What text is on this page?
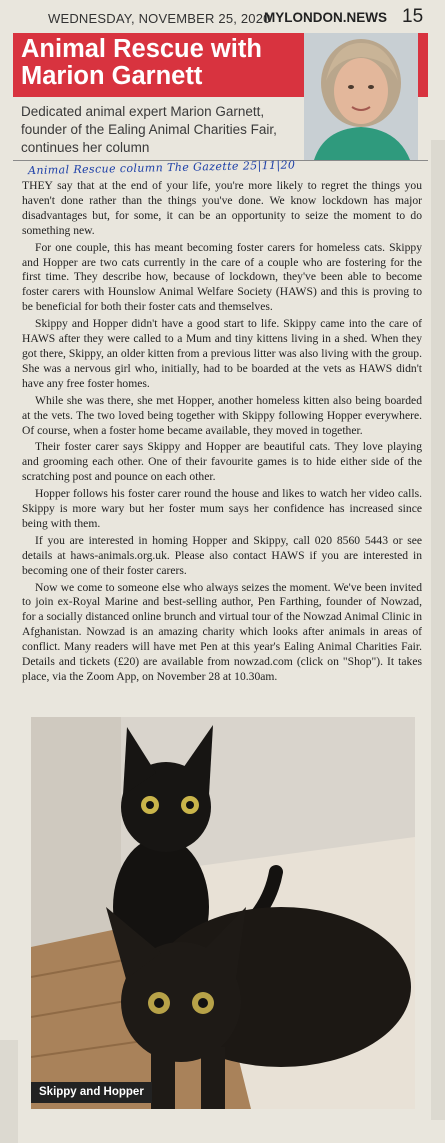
WEDNESDAY, NOVEMBER 25, 2020
MYLONDON.NEWS 15
Animal Rescue with Marion Garnett

Dedicated animal expert Marion Garnett, founder of the Ealing Animal Charities Fair, continues her column

Animal Rescue column The Gazette 25|11|20

THEY say that at the end of your life, you're more likely to regret the things you haven't done rather than the things you've done. We know lockdown has major disadvantages but, for some, it can be an opportunity to seize the moment to do something new.

For one couple, this has meant becoming foster carers for homeless cats. Skippy and Hopper are two cats currently in the care of a couple who are fostering for the first time. They describe how, because of lockdown, they've been able to become foster carers with Hounslow Animal Welfare Society (HAWS) and this is proving to be beneficial for both their foster cats and themselves.

Skippy and Hopper didn't have a good start to life. Skippy came into the care of HAWS after they were called to a Mum and tiny kittens living in a shed. When they got there, Skippy, an older kitten from a previous litter was also living with the group. She was a nervous girl who, initially, had to be boarded at the vets as HAWS didn't have any free foster homes.

While she was there, she met Hopper, another homeless kitten also being boarded at the vets. The two loved being together with Skippy following Hopper everywhere. Of course, when a foster home became available, they moved in together.

Their foster carer says Skippy and Hopper are beautiful cats. They love playing and grooming each other. One of their favourite games is to hide either side of the scratching post and pounce on each other.

Hopper follows his foster carer round the house and likes to watch her video calls. Skippy is more wary but her foster mum says her confidence has increased since being with them.

If you are interested in homing Hopper and Skippy, call 020 8560 5443 or see details at haws-animals.org.uk. Please also contact HAWS if you are interested in becoming one of their foster carers.

Now we come to someone else who always seizes the moment. We've been invited to join ex-Royal Marine and best-selling author, Pen Farthing, founder of Nowzad, for a socially distanced online brunch and virtual tour of the Nowzad Animal Clinic in Afghanistan. Nowzad is an amazing charity which looks after animals in areas of conflict. Many readers will have met Pen at this year's Ealing Animal Charities Fair. Details and tickets (£20) are available from nowzad.com (click on "Shop"). It takes place, via the Zoom App, on November 28 at 10.30am.

Skippy and Hopper
